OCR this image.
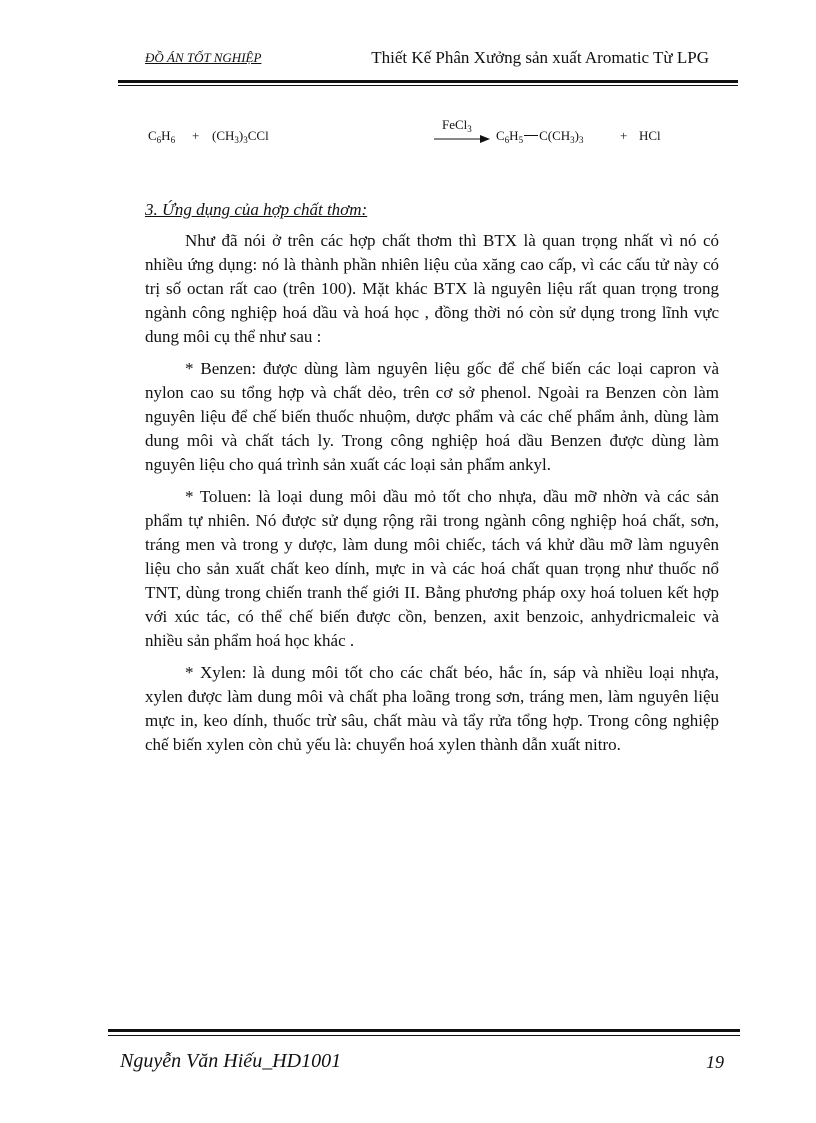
ĐỒ ÁN TỐT NGHIỆP	Thiết Kế Phân Xưởng sản xuất Aromatic Từ LPG
$C_6H_6 + (CH_3)_3CCl$
FeCl$_3$ $C_6H_5$ $C(CH_3)_3$	+ HCl
3. Ứng dụng của hợp chất thơm:

Như đã nói ở trên các hợp chất thơm thì BTX là quan trọng nhất vì nó có nhiều ứng dụng: nó là thành phần nhiên liệu của xăng cao cấp, vì các cấu tử này có trị số octan rất cao (trên 100). Mặt khác BTX là nguyên liệu rất quan trọng trong ngành công nghiệp hoá dầu và hoá học , đồng thời nó còn sử dụng trong lĩnh vực dung môi cụ thể như sau :

* Benzen: được dùng làm nguyên liệu gốc để chế biến các loại capron và nylon cao su tổng hợp và chất dẻo, trên cơ sở phenol. Ngoài ra Benzen còn làm nguyên liệu để chế biến thuốc nhuộm, dược phẩm và các chế phẩm ảnh, dùng làm dung môi và chất tách ly. Trong công nghiệp hoá dầu Benzen được dùng làm nguyên liệu cho quá trình sản xuất các loại sản phẩm ankyl.

* Toluen: là loại dung môi dầu mỏ tốt cho nhựa, dầu mỡ nhờn và các sản phẩm tự nhiên. Nó được sử dụng rộng rãi trong ngành công nghiệp hoá chất, sơn, tráng men và trong y dược, làm dung môi chiếc, tách vá khử dầu mỡ làm nguyên liệu cho sản xuất chất keo dính, mực in và các hoá chất quan trọng như thuốc nổ TNT, dùng trong chiến tranh thế giới II. Bằng phương pháp oxy hoá toluen kết hợp với xúc tác, có thể chế biến được cồn, benzen, axit benzoic, anhydricmaleic và nhiều sản phẩm hoá học khác .

* Xylen: là dung môi tốt cho các chất béo, hắc ín, sáp và nhiều loại nhựa, xylen được làm dung môi và chất pha loãng trong sơn, tráng men, làm nguyên liệu mực in, keo dính, thuốc trừ sâu, chất màu và tẩy rửa tổng hợp. Trong công nghiệp chế biến xylen còn chủ yếu là: chuyển hoá xylen thành dẫn xuất nitro.

Nguyễn Văn Hiếu_HD1001	19
